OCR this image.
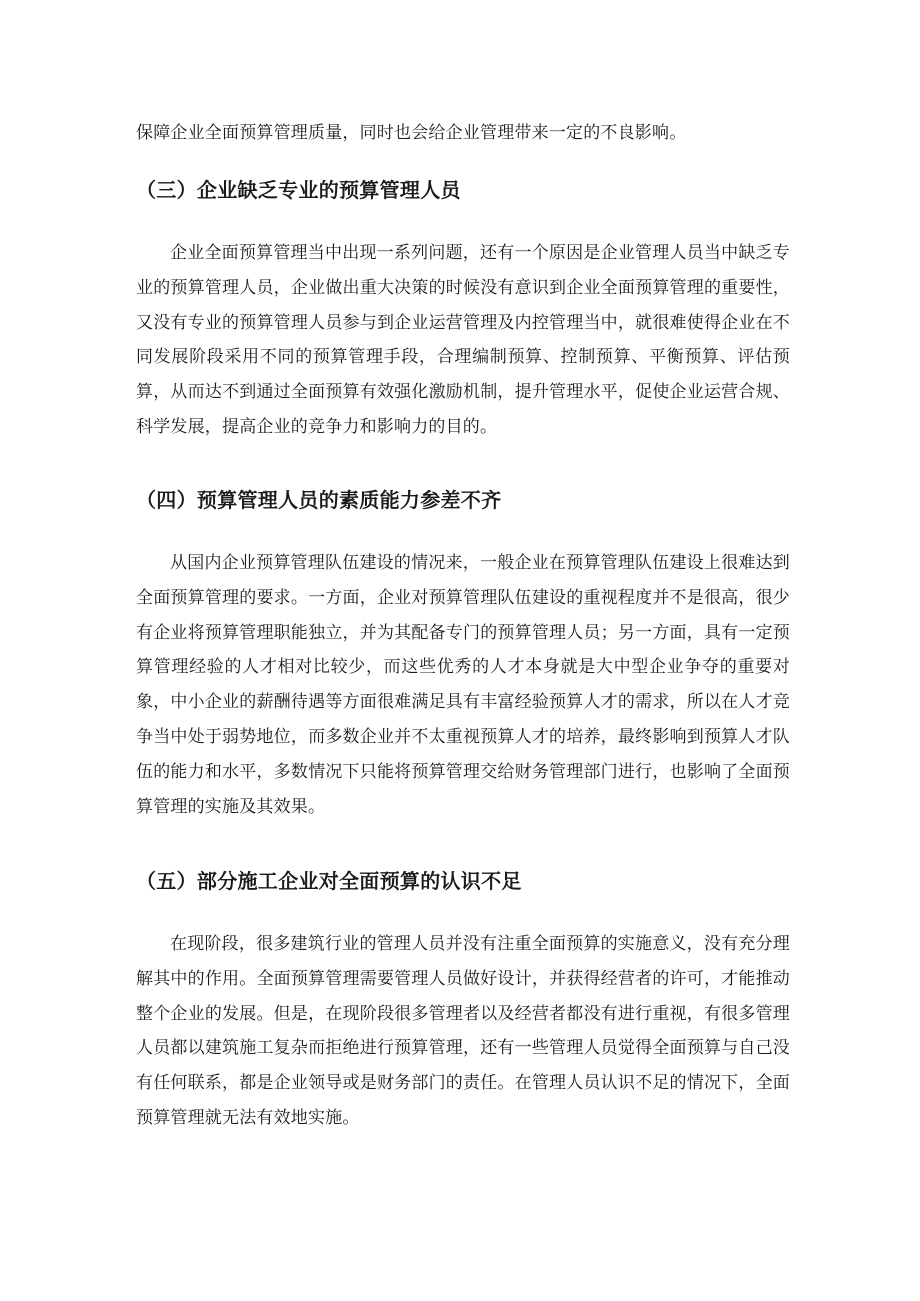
保障企业全面预算管理质量，同时也会给企业管理带来一定的不良影响。

（三）企业缺乏专业的预算管理人员

企业全面预算管理当中出现一系列问题，还有一个原因是企业管理人员当中缺乏专业的预算管理人员，企业做出重大决策的时候没有意识到企业全面预算管理的重要性，又没有专业的预算管理人员参与到企业运营管理及内控管理当中，就很难使得企业在不同发展阶段采用不同的预算管理手段，合理编制预算、控制预算、平衡预算、评估预算，从而达不到通过全面预算有效强化激励机制，提升管理水平，促使企业运营合规、科学发展，提高企业的竞争力和影响力的目的。

（四）预算管理人员的素质能力参差不齐

从国内企业预算管理队伍建设的情况来，一般企业在预算管理队伍建设上很难达到全面预算管理的要求。一方面，企业对预算管理队伍建设的重视程度并不是很高，很少有企业将预算管理职能独立，并为其配备专门的预算管理人员；另一方面，具有一定预算管理经验的人才相对比较少，而这些优秀的人才本身就是大中型企业争夺的重要对象，中小企业的薪酬待遇等方面很难满足具有丰富经验预算人才的需求，所以在人才竞争当中处于弱势地位，而多数企业并不太重视预算人才的培养，最终影响到预算人才队伍的能力和水平，多数情况下只能将预算管理交给财务管理部门进行，也影响了全面预算管理的实施及其效果。

（五）部分施工企业对全面预算的认识不足

在现阶段，很多建筑行业的管理人员并没有注重全面预算的实施意义，没有充分理解其中的作用。全面预算管理需要管理人员做好设计，并获得经营者的许可，才能推动整个企业的发展。但是，在现阶段很多管理者以及经营者都没有进行重视，有很多管理人员都以建筑施工复杂而拒绝进行预算管理，还有一些管理人员觉得全面预算与自己没有任何联系，都是企业领导或是财务部门的责任。在管理人员认识不足的情况下，全面预算管理就无法有效地实施。
